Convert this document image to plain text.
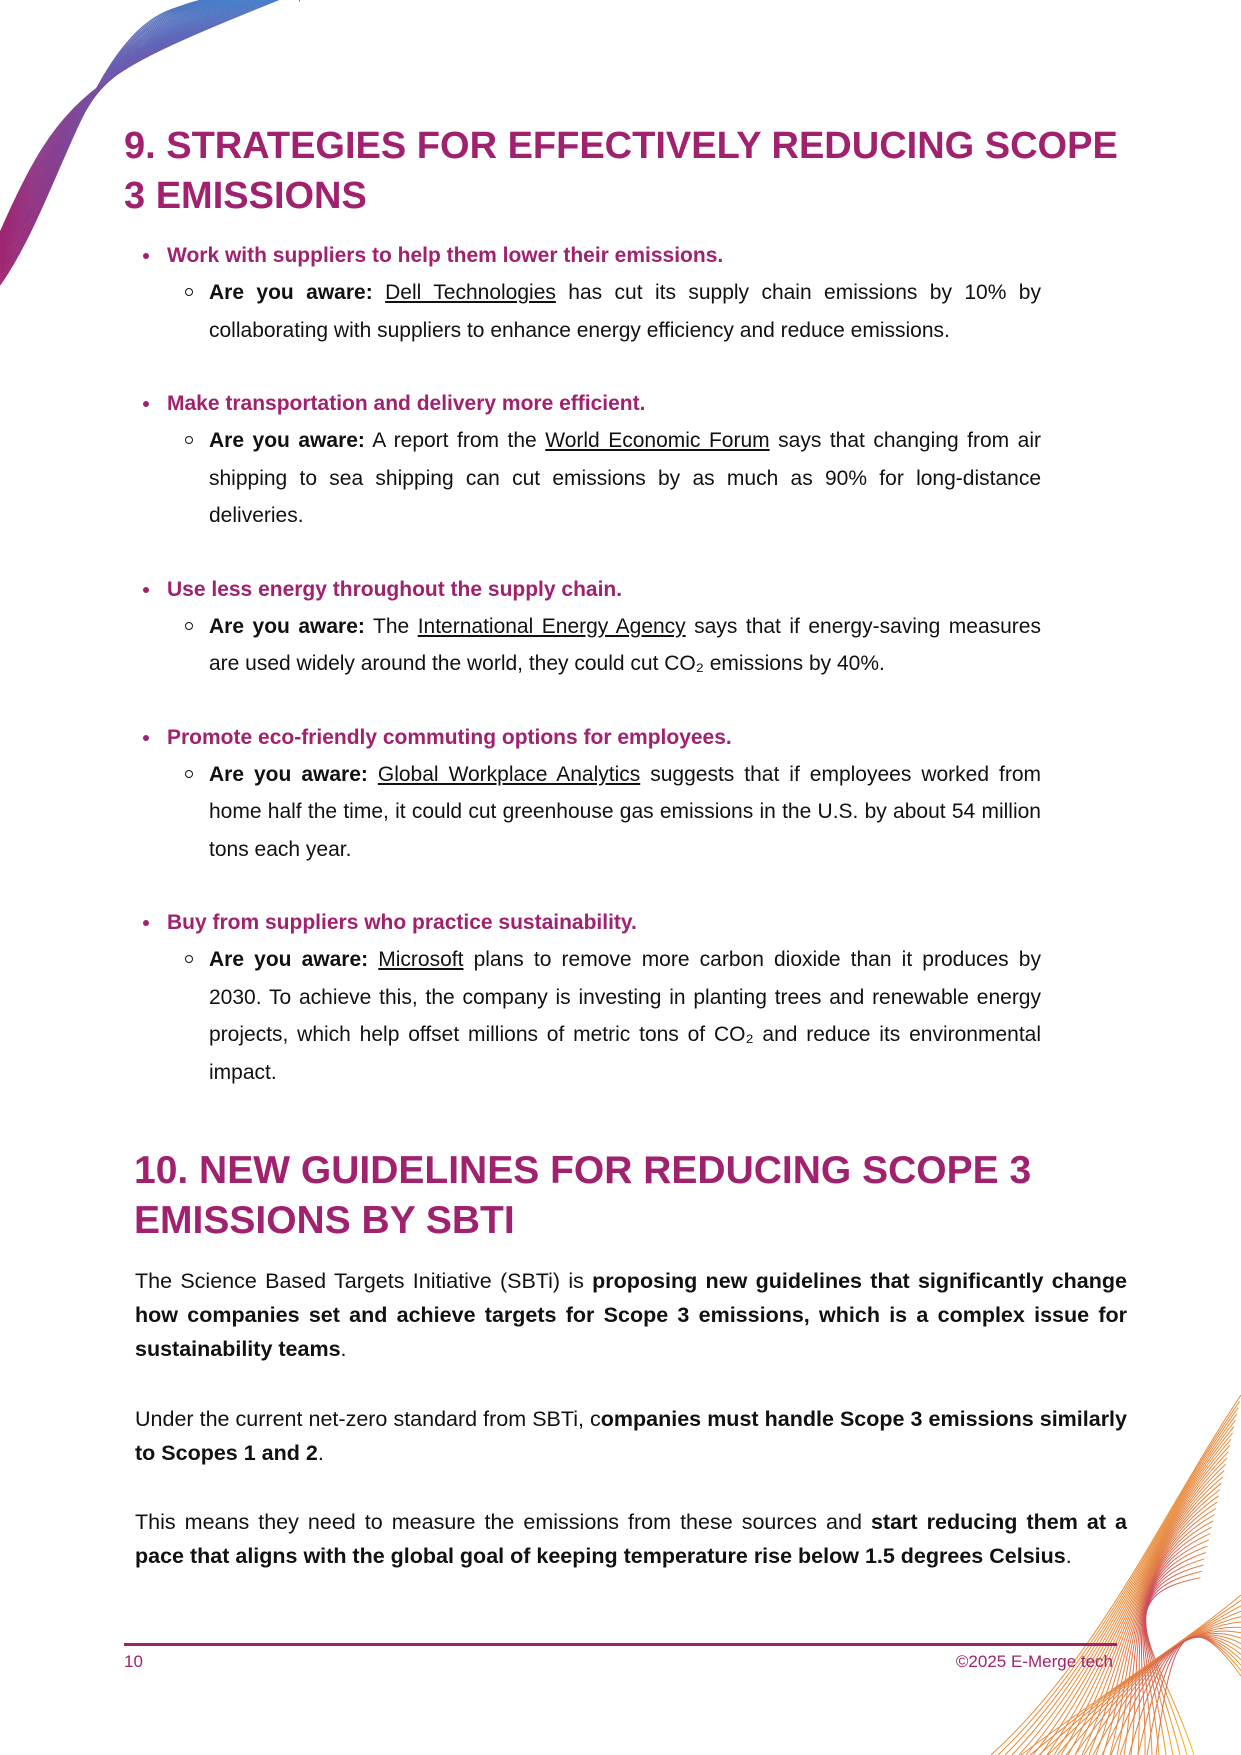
9. STRATEGIES FOR EFFECTIVELY REDUCING SCOPE 3 EMISSIONS
Work with suppliers to help them lower their emissions.
Are you aware: Dell Technologies has cut its supply chain emissions by 10% by collaborating with suppliers to enhance energy efficiency and reduce emissions.
Make transportation and delivery more efficient.
Are you aware: A report from the World Economic Forum says that changing from air shipping to sea shipping can cut emissions by as much as 90% for long-distance deliveries.
Use less energy throughout the supply chain.
Are you aware: The International Energy Agency says that if energy-saving measures are used widely around the world, they could cut CO₂ emissions by 40%.
Promote eco-friendly commuting options for employees.
Are you aware: Global Workplace Analytics suggests that if employees worked from home half the time, it could cut greenhouse gas emissions in the U.S. by about 54 million tons each year.
Buy from suppliers who practice sustainability.
Are you aware: Microsoft plans to remove more carbon dioxide than it produces by 2030. To achieve this, the company is investing in planting trees and renewable energy projects, which help offset millions of metric tons of CO₂ and reduce its environmental impact.
10. NEW GUIDELINES FOR REDUCING SCOPE 3 EMISSIONS BY SBTI

The Science Based Targets Initiative (SBTi) is proposing new guidelines that significantly change how companies set and achieve targets for Scope 3 emissions, which is a complex issue for sustainability teams.

Under the current net-zero standard from SBTi, companies must handle Scope 3 emissions similarly to Scopes 1 and 2.

This means they need to measure the emissions from these sources and start reducing them at a pace that aligns with the global goal of keeping temperature rise below 1.5 degrees Celsius.

10	©2025 E-Merge tech
